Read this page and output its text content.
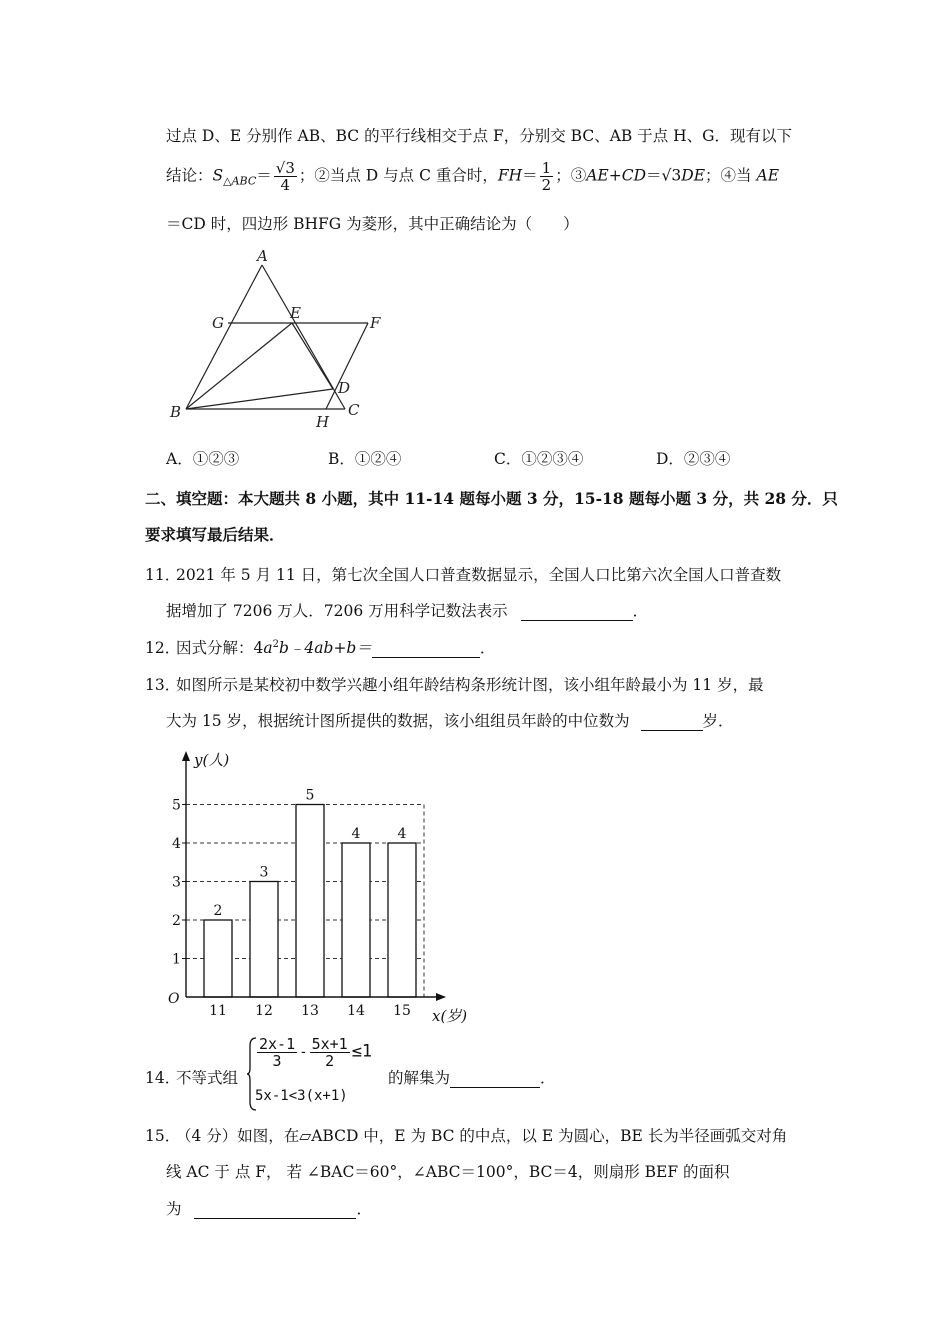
过点 D、E 分别作 AB、BC 的平行线相交于点 F，分别交 BC、AB 于点 H、G．现有以下
结论：$S_{\triangle ABC}= \frac{√3}{4}$ ；②当点 D 与点 C 重合时，$FH= \frac{1}{2}$ ；③AE+CD＝√3DE；④当 AE
＝CD 时，四边形 BHFG 为菱形，其中正确结论为（　　）
A
B	C
D
E
F
G
H
A．①②③	B．①②④	C．①②③④	D．②③④
二、填空题：本大题共 8 小题，其中 11-14 题每小题 3 分，15-18 题每小题 3 分，共 28 分．只
要求填写最后结果．
11．
2021 年 5 月 11 日，第七次全国人口普查数据显示，全国人口比第六次全国人口普查数
据增加了 7206 万人．7206 万用科学记数法表示	．
12．
因式分解：$4a^2b﹣4ab+b=$	．
13．
如图所示是某校初中数学兴趣小组年龄结构条形统计图，该小组年龄最小为 11 岁，最
大为 15 岁，根据统计图所提供的数据，该小组组员年龄的中位数为	岁．
1
2
3
4
5
2
11
3
12
5
13
4
14
4
15
O
y(人)
x(岁)
14．
不等式组
$\frac{2x-1}{3} - \frac{5x+1}{2} \le 1$
5x-1<3(x+1)
的解集为	．
15．
（4 分）如图，在▱ABCD 中，E 为 BC 的中点，以 E 为圆心，BE 长为半径画弧交对角
线 AC 于 点 F， 若 ∠BAC＝60°，∠ABC＝100°，BC＝4，则扇形 BEF 的面积
为	．
